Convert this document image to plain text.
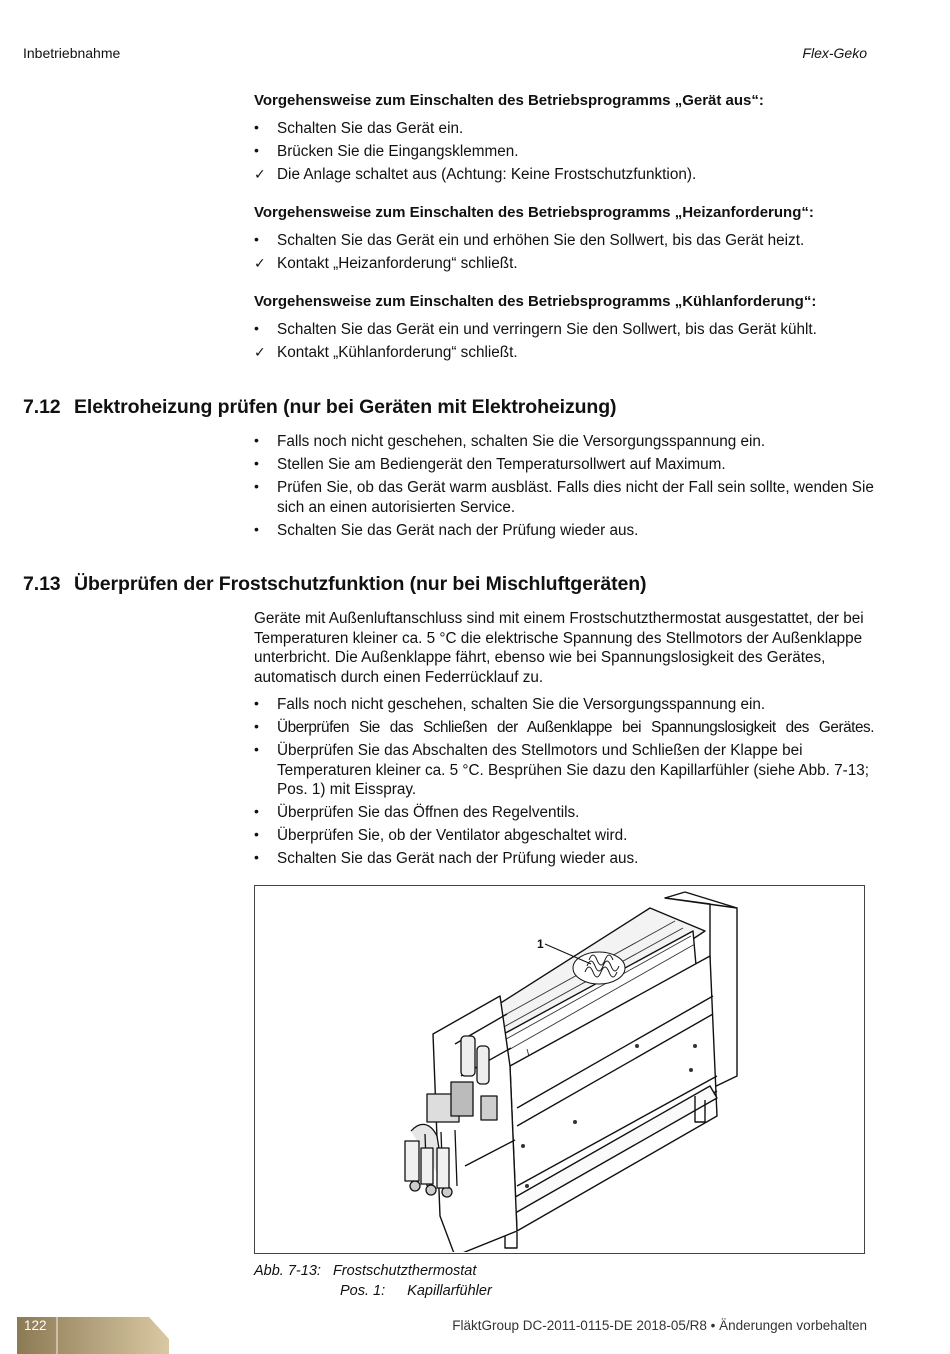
Inbetriebnahme	Flex-Geko
Vorgehensweise zum Einschalten des Betriebsprogramms „Gerät aus“:
•	Schalten Sie das Gerät ein.
•	Brücken Sie die Eingangsklemmen.
✓ Die Anlage schaltet aus (Achtung: Keine Frostschutzfunktion).
Vorgehensweise zum Einschalten des Betriebsprogramms „Heizanforderung“:
•	Schalten Sie das Gerät ein und erhöhen Sie den Sollwert, bis das Gerät heizt.
✓ Kontakt „Heizanforderung“ schließt.
Vorgehensweise zum Einschalten des Betriebsprogramms „Kühlanforderung“:
•	Schalten Sie das Gerät ein und verringern Sie den Sollwert, bis das Gerät kühlt.
✓ Kontakt „Kühlanforderung“ schließt.
7.12 Elektroheizung prüfen (nur bei Geräten mit Elektroheizung)
•	Falls noch nicht geschehen, schalten Sie die Versorgungsspannung ein.
•	Stellen Sie am Bediengerät den Temperatursollwert auf Maximum.
•	Prüfen Sie, ob das Gerät warm ausbläst. Falls dies nicht der Fall sein sollte, wenden Sie sich an einen autorisierten Service.
•	Schalten Sie das Gerät nach der Prüfung wieder aus.
7.13 Überprüfen der Frostschutzfunktion (nur bei Mischluftgeräten)

Geräte mit Außenluftanschluss sind mit einem Frostschutzthermostat ausgestattet, der bei Temperaturen kleiner ca. 5 °C die elektrische Spannung des Stellmotors der Außenklappe unterbricht. Die Außenklappe fährt, ebenso wie bei Spannungslosigkeit des Gerätes, automatisch durch einen Federrücklauf zu.

•	Falls noch nicht geschehen, schalten Sie die Versorgungsspannung ein.
•	Überprüfen Sie das Schließen der Außenklappe bei Spannungslosigkeit des Gerätes.
•	Überprüfen Sie das Abschalten des Stellmotors und Schließen der Klappe bei Temperaturen kleiner ca. 5 °C. Besprühen Sie dazu den Kapillarfühler (siehe Abb. 7-13; Pos. 1) mit Eisspray.
•	Überprüfen Sie das Öffnen des Regelventils.
•	Überprüfen Sie, ob der Ventilator abgeschaltet wird.
•	Schalten Sie das Gerät nach der Prüfung wieder aus.
1
Abb. 7-13: Frostschutzthermostat
Pos. 1: Kapillarfühler
122	FläktGroup DC-2011-0115-DE 2018-05/R8 • Änderungen vorbehalten
